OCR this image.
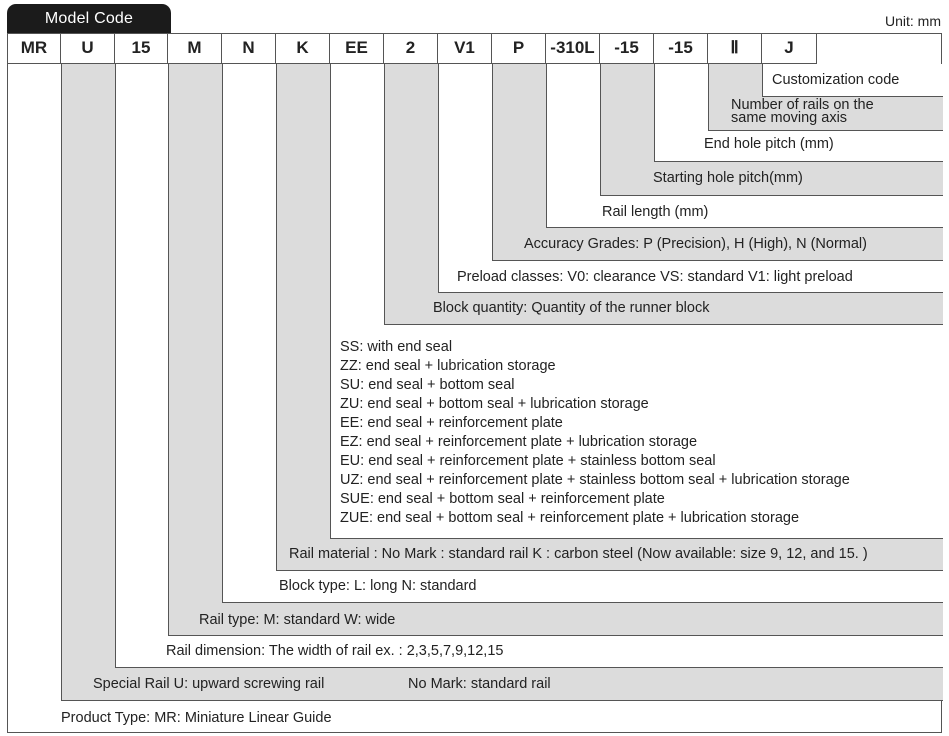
Model Code	Unit: mm
MR	U	15	M	N	K	EE	2	V1	P	-310L	-15	-15	Ⅱ	J
Customization code
Number of rails on the
same moving axis
End hole pitch (mm)
Starting hole pitch(mm)
Rail length (mm)
Accuracy Grades: P (Precision), H (High), N (Normal)
Preload classes: V0: clearance VS: standard V1: light preload
Block quantity: Quantity of the runner block
SS: with end seal
ZZ: end seal + lubrication storage
SU: end seal + bottom seal
ZU: end seal + bottom seal + lubrication storage
EE: end seal + reinforcement plate
EZ: end seal + reinforcement plate + lubrication storage
EU: end seal + reinforcement plate + stainless bottom seal
UZ: end seal + reinforcement plate + stainless bottom seal + lubrication storage
SUE: end seal + bottom seal + reinforcement plate
ZUE: end seal + bottom seal + reinforcement plate + lubrication storage
Rail material : No Mark : standard rail K : carbon steel (Now available: size 9, 12, and 15. )
Block type: L: long N: standard
Rail type: M: standard W: wide
Rail dimension: The width of rail ex. : 2,3,5,7,9,12,15
Special Rail U: upward screwing rail	No Mark: standard rail
Product Type: MR: Miniature Linear Guide
